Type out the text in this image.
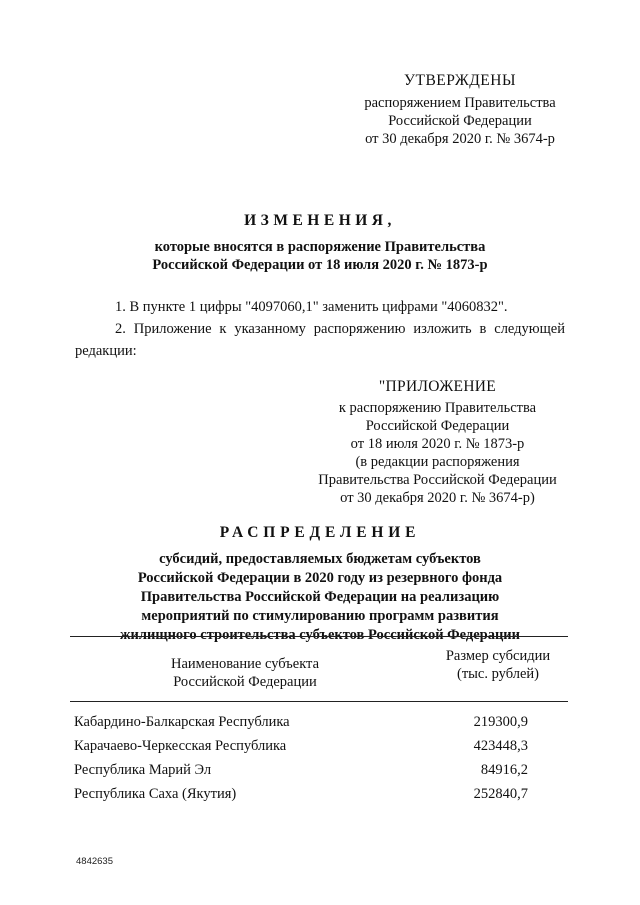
УТВЕРЖДЕНЫ
распоряжением Правительства
Российской Федерации
от 30 декабря 2020 г. № 3674-р
ИЗМЕНЕНИЯ,
которые вносятся в распоряжение Правительства
Российской Федерации от 18 июля 2020 г. № 1873-р

1. В пункте 1 цифры "4097060,1" заменить цифрами "4060832".

2. Приложение к указанному распоряжению изложить в следующей редакции:

"ПРИЛОЖЕНИЕ
к распоряжению Правительства
Российской Федерации
от 18 июля 2020 г. № 1873-р
(в редакции распоряжения
Правительства Российской Федерации
от 30 декабря 2020 г. № 3674-р)
РАСПРЕДЕЛЕНИЕ
субсидий, предоставляемых бюджетам субъектов
Российской Федерации в 2020 году из резервного фонда
Правительства Российской Федерации на реализацию
мероприятий по стимулированию программ развития
жилищного строительства субъектов Российской Федерации
Наименование субъекта
Российской Федерации
Размер субсидии
(тыс. рублей)
Кабардино-Балкарская Республика	219300,9
Карачаево-Черкесская Республика	423448,3
Республика Марий Эл	84916,2
Республика Саха (Якутия)	252840,7
4842635
